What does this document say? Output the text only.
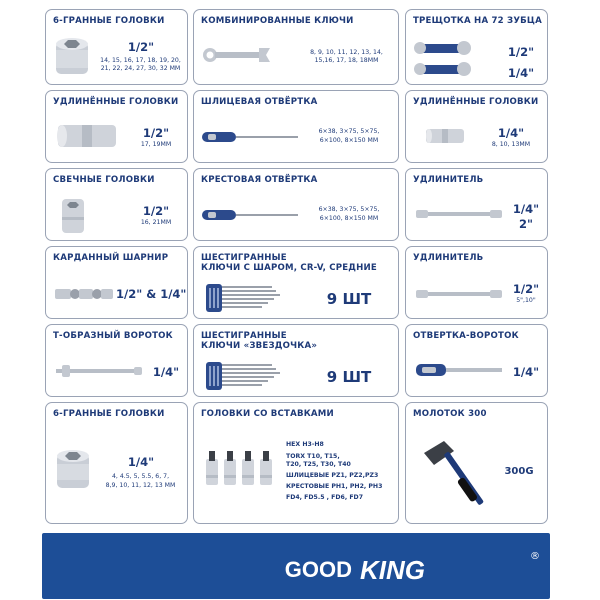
6-ГРАННЫЕ ГОЛОВКИ
1/2"
14, 15, 16, 17, 18, 19, 20,
21, 22, 24, 27, 30, 32 ММ
КОМБИНИРОВАННЫЕ КЛЮЧИ
8, 9, 10, 11, 12, 13, 14,
15,16, 17, 18, 18ММ
ТРЕЩОТКА НА 72 ЗУБЦА
1/2"
1/4"
УДЛИНЁННЫЕ ГОЛОВКИ
1/2"
17, 19ММ
ШЛИЦЕВАЯ ОТВЁРТКА
6×38, 3×75, 5×75,
6×100, 8×150 ММ
УДЛИНЁННЫЕ ГОЛОВКИ
1/4"
8, 10, 13ММ
СВЕЧНЫЕ ГОЛОВКИ
1/2"
16, 21ММ
КРЕСТОВАЯ ОТВЁРТКА
6×38, 3×75, 5×75,
6×100, 8×150 ММ
УДЛИНИТЕЛЬ
1/4"
2"
КАРДАННЫЙ ШАРНИР
1/2" & 1/4"
ШЕСТИГРАННЫЕ
КЛЮЧИ С ШАРОМ, CR-V, СРЕДНИЕ
9 ШТ
УДЛИНИТЕЛЬ
1/2"
5",10"
Т-ОБРАЗНЫЙ ВОРОТОК
1/4"
ШЕСТИГРАННЫЕ
КЛЮЧИ «ЗВЕЗДОЧКА»
9 ШТ
ОТВЕРТКА-ВОРОТОК
1/4"
6-ГРАННЫЕ ГОЛОВКИ
1/4"
4, 4.5, 5, 5.5, 6, 7,
8,9, 10, 11, 12, 13 ММ
ГОЛОВКИ СО ВСТАВКАМИ
HEX H3-H8
TORX T10, T15,
T20, T25, T30, T40
ШЛИЦЕВЫЕ PZ1, PZ2,PZ3
КРЕСТОВЫЕ PH1, PH2, PH3
FD4, FD5.5 , FD6, FD7
МОЛОТОК 300
300G
GOOD KING	®
